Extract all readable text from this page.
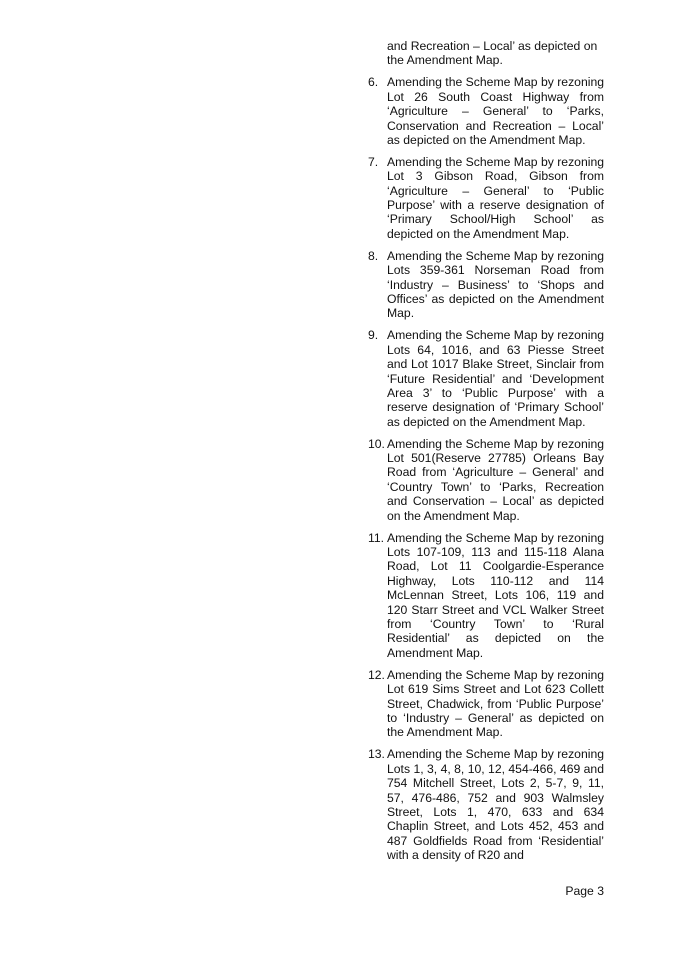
and Recreation – Local’ as depicted on the Amendment Map.
6. Amending the Scheme Map by rezoning Lot 26 South Coast Highway from ‘Agriculture – General’ to ‘Parks, Conservation and Recreation – Local’ as depicted on the Amendment Map.
7. Amending the Scheme Map by rezoning Lot 3 Gibson Road, Gibson from ‘Agriculture – General’ to ‘Public Purpose’ with a reserve designation of ‘Primary School/High School’ as depicted on the Amendment Map.
8. Amending the Scheme Map by rezoning Lots 359-361 Norseman Road from ‘Industry – Business’ to ‘Shops and Offices’ as depicted on the Amendment Map.
9. Amending the Scheme Map by rezoning Lots 64, 1016, and 63 Piesse Street and Lot 1017 Blake Street, Sinclair from ‘Future Residential’ and ‘Development Area 3’ to ‘Public Purpose’ with a reserve designation of ‘Primary School’ as depicted on the Amendment Map.
10. Amending the Scheme Map by rezoning Lot 501(Reserve 27785) Orleans Bay Road from ‘Agriculture – General’ and ‘Country Town’ to ‘Parks, Recreation and Conservation – Local’ as depicted on the Amendment Map.
11. Amending the Scheme Map by rezoning Lots 107-109, 113 and 115-118 Alana Road, Lot 11 Coolgardie-Esperance Highway, Lots 110-112 and 114 McLennan Street, Lots 106, 119 and 120 Starr Street and VCL Walker Street from ‘Country Town’ to ‘Rural Residential’ as depicted on the Amendment Map.
12. Amending the Scheme Map by rezoning Lot 619 Sims Street and Lot 623 Collett Street, Chadwick, from ‘Public Purpose’ to ‘Industry – General’ as depicted on the Amendment Map.
13. Amending the Scheme Map by rezoning Lots 1, 3, 4, 8, 10, 12, 454-466, 469 and 754 Mitchell Street, Lots 2, 5-7, 9, 11, 57, 476-486, 752 and 903 Walmsley Street, Lots 1, 470, 633 and 634 Chaplin Street, and Lots 452, 453 and 487 Goldfields Road from ‘Residential’ with a density of R20 and
Page 3
